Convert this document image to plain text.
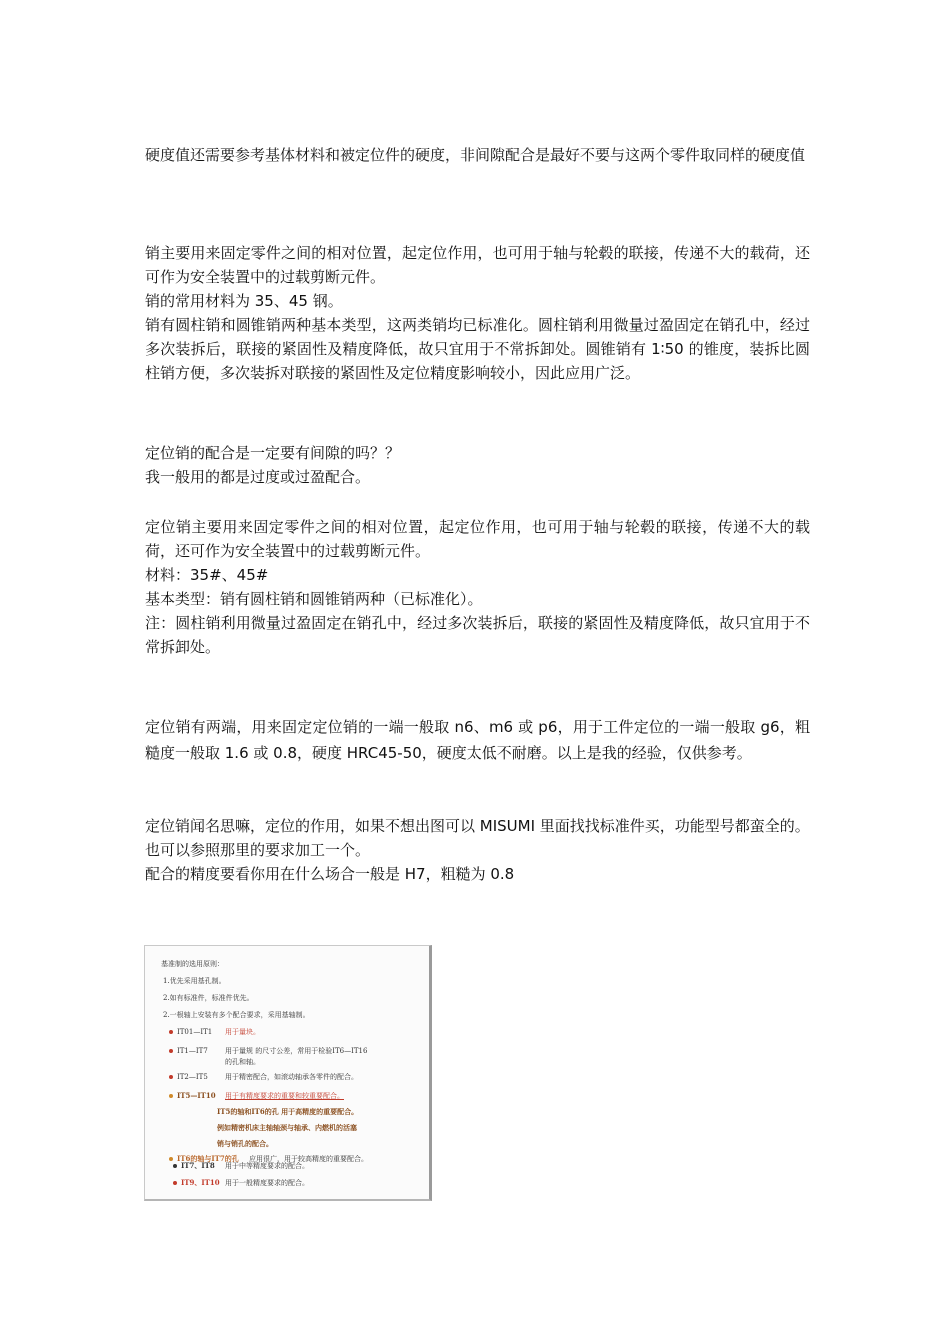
硬度值还需要参考基体材料和被定位件的硬度，非间隙配合是最好不要与这两个零件取同样的硬度值

销主要用来固定零件之间的相对位置，起定位作用，也可用于轴与轮毂的联接，传递不大的载荷，还可作为安全装置中的过载剪断元件。

销的常用材料为 35、45 钢。

销有圆柱销和圆锥销两种基本类型，这两类销均已标准化。圆柱销利用微量过盈固定在销孔中，经过多次装拆后，联接的紧固性及精度降低，故只宜用于不常拆卸处。圆锥销有 1∶50 的锥度，装拆比圆柱销方便，多次装拆对联接的紧固性及定位精度影响较小，因此应用广泛。

定位销的配合是一定要有间隙的吗？？

我一般用的都是过度或过盈配合。

定位销主要用来固定零件之间的相对位置，起定位作用，也可用于轴与轮毂的联接，传递不大的载荷，还可作为安全装置中的过载剪断元件。

材料：35#、45#

基本类型：销有圆柱销和圆锥销两种（已标准化）。

注：圆柱销利用微量过盈固定在销孔中，经过多次装拆后，联接的紧固性及精度降低，故只宜用于不常拆卸处。

定位销有两端，用来固定定位销的一端一般取 n6、m6 或 p6，用于工件定位的一端一般取 g6，粗糙度一般取 1.6 或 0.8，硬度 HRC45-50，硬度太低不耐磨。以上是我的经验，仅供参考。

定位销闻名思嘛，定位的作用，如果不想出图可以 MISUMI 里面找找标准件买，功能型号都蛮全的。

也可以参照那里的要求加工一个。

配合的精度要看你用在什么场合一般是 H7，粗糙为 0.8

基准制的选用原则：
1.优先采用基孔制。
2.如有标准件，标准件优先。
2.一根轴上安装有多个配合要求，采用基轴制。
IT01—IT1 用于量块。
IT1—IT7 用于量规 的尺寸公差，常用于检验IT6—IT16
的孔和轴。
IT2—IT5 用于精密配合，如滚动轴承各零件的配合。
IT5—IT10 用于有精度要求的重要和较重要配合。
IT5的轴和IT6的孔 用于高精度的重要配合。
例如精密机床主轴轴颈与轴承、内燃机的活塞
销与销孔的配合。
IT6的轴与IT7的孔 应用很广，用于较高精度的重要配合。
IT7、IT8 用于中等精度要求的配合。
IT9、IT10 用于一般精度要求的配合。
